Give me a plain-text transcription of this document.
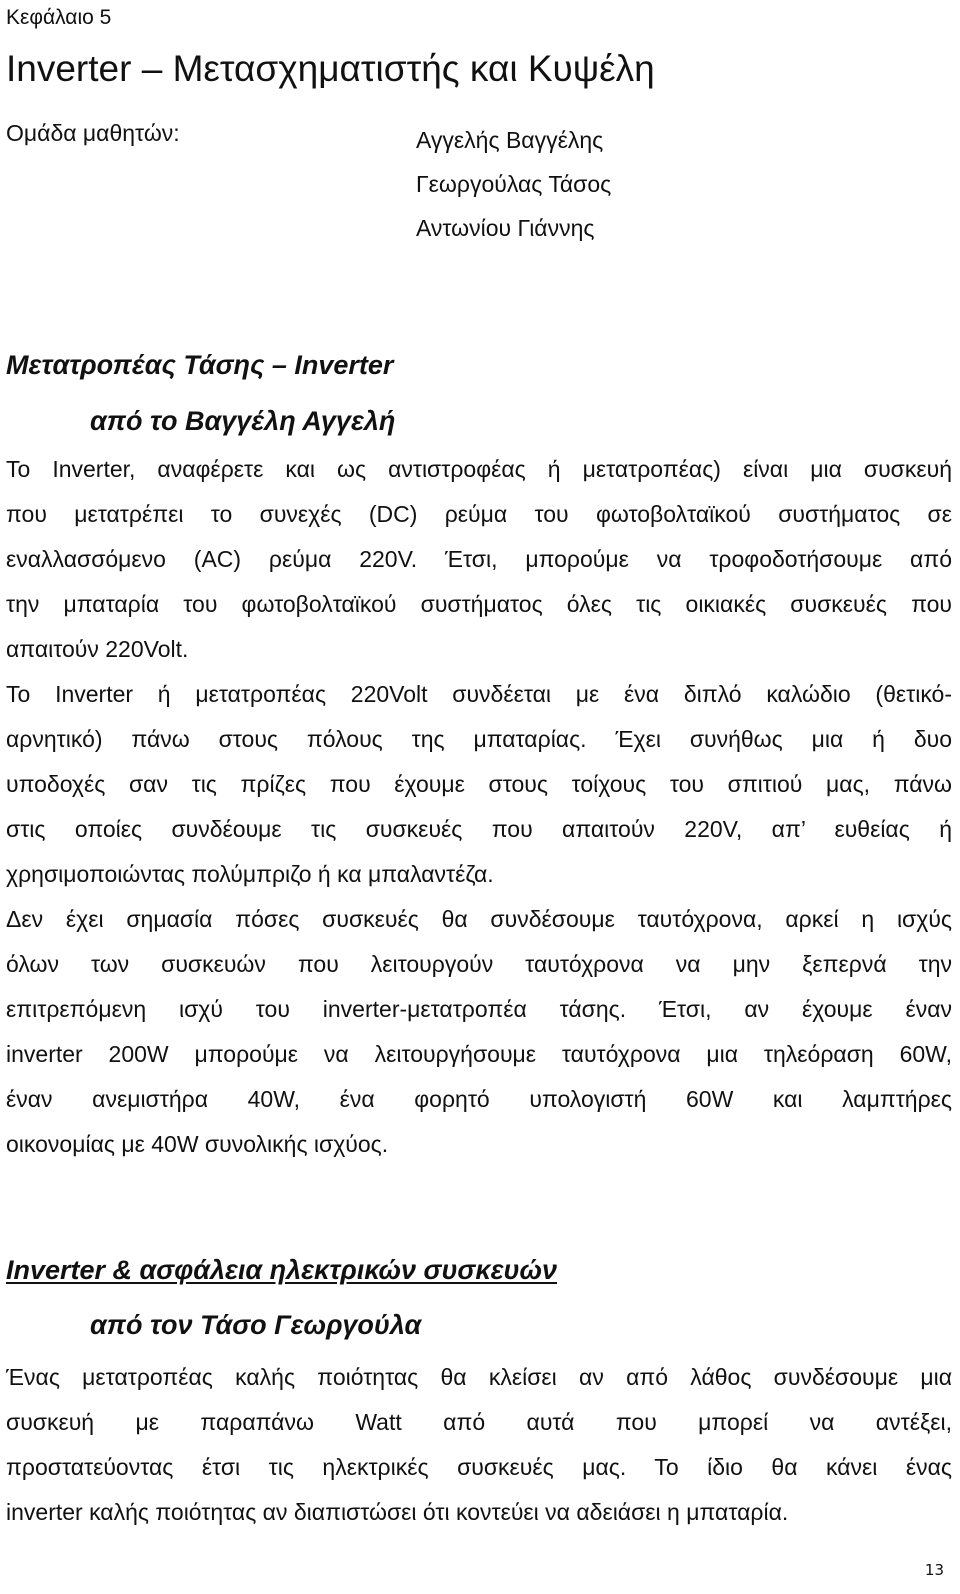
Κεφάλαιο 5
Inverter – Μετασχηματιστής και Κυψέλη
Ομάδα μαθητών:	Αγγελής Βαγγέλης
Γεωργούλας Τάσος
Αντωνίου Γιάννης
Μετατροπέας Τάσης – Inverter
από το Βαγγέλη Αγγελή
Το Inverter, αναφέρετε και ως αντιστροφέας ή μετατροπέας) είναι μια συσκευή
που μετατρέπει το συνεχές (DC) ρεύμα του φωτοβολταϊκού συστήματος σε
εναλλασσόμενο (AC) ρεύμα 220V. Έτσι, μπορούμε να τροφοδοτήσουμε από
την μπαταρία του φωτοβολταϊκού συστήματος όλες τις οικιακές συσκευές που
απαιτούν 220Volt.
Το Inverter ή μετατροπέας 220Volt συνδέεται με ένα διπλό καλώδιο (θετικό-
αρνητικό) πάνω στους πόλους της μπαταρίας. Έχει συνήθως μια ή δυο
υποδοχές σαν τις πρίζες που έχουμε στους τοίχους του σπιτιού μας, πάνω
στις οποίες συνδέουμε τις συσκευές που απαιτούν 220V, απ’ ευθείας ή
χρησιμοποιώντας πολύμπριζο ή κα μπαλαντέζα.
Δεν έχει σημασία πόσες συσκευές θα συνδέσουμε ταυτόχρονα, αρκεί η ισχύς
όλων των συσκευών που λειτουργούν ταυτόχρονα να μην ξεπερνά την
επιτρεπόμενη ισχύ του inverter-μετατροπέα τάσης. Έτσι, αν έχουμε έναν
inverter 200W μπορούμε να λειτουργήσουμε ταυτόχρονα μια τηλεόραση 60W,
έναν ανεμιστήρα 40W, ένα φορητό υπολογιστή 60W και λαμπτήρες
οικονομίας με 40W συνολικής ισχύος.
Inverter & ασφάλεια ηλεκτρικών συσκευών
από τον Τάσο Γεωργούλα
Ένας μετατροπέας καλής ποιότητας θα κλείσει αν από λάθος συνδέσουμε μια
συσκευή με παραπάνω Watt από αυτά που μπορεί να αντέξει,
προστατεύοντας έτσι τις ηλεκτρικές συσκευές μας. Το ίδιο θα κάνει ένας
inverter καλής ποιότητας αν διαπιστώσει ότι κοντεύει να αδειάσει η μπαταρία.
13
